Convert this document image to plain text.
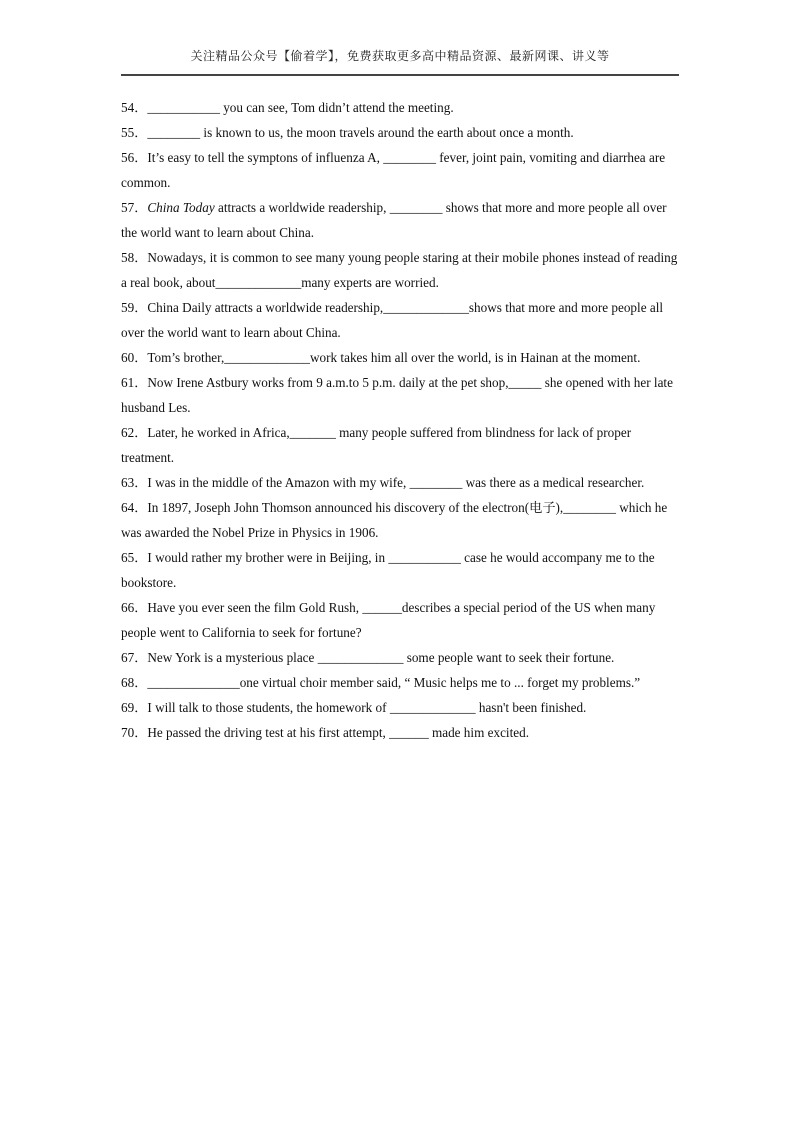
关注精品公众号【偷着学】，免费获取更多高中精品资源、最新网课、讲义等

54．___________ you can see, Tom didn’t attend the meeting.

55．________ is known to us, the moon travels around the earth about once a month.

56．It’s easy to tell the symptons of influenza A, ________ fever, joint pain, vomiting and diarrhea are common.

57．China Today attracts a worldwide readership, ________ shows that more and more people all over the world want to learn about China.

58．Nowadays, it is common to see many young people staring at their mobile phones instead of reading a real book, about_____________many experts are worried.

59．China Daily attracts a worldwide readership,_____________shows that more and more people all over the world want to learn about China.

60．Tom’s brother,_____________work takes him all over the world, is in Hainan at the moment.

61．Now Irene Astbury works from 9 a.m.to 5 p.m. daily at the pet shop,_____ she opened with her late husband Les.

62．Later, he worked in Africa,_______ many people suffered from blindness for lack of proper treatment.

63．I was in the middle of the Amazon with my wife, ________ was there as a medical researcher.

64．In 1897, Joseph John Thomson announced his discovery of the electron(电子),________ which he was awarded the Nobel Prize in Physics in 1906.

65．I would rather my brother were in Beijing, in ___________ case he would accompany me to the bookstore.

66．Have you ever seen the film Gold Rush, ______describes a special period of the US when many people went to California to seek for fortune?

67．New York is a mysterious place _____________ some people want to seek their fortune.

68．______________one virtual choir member said, “ Music helps me to ... forget my problems.”

69．I will talk to those students, the homework of _____________ hasn't been finished.

70．He passed the driving test at his first attempt, ______ made him excited.
